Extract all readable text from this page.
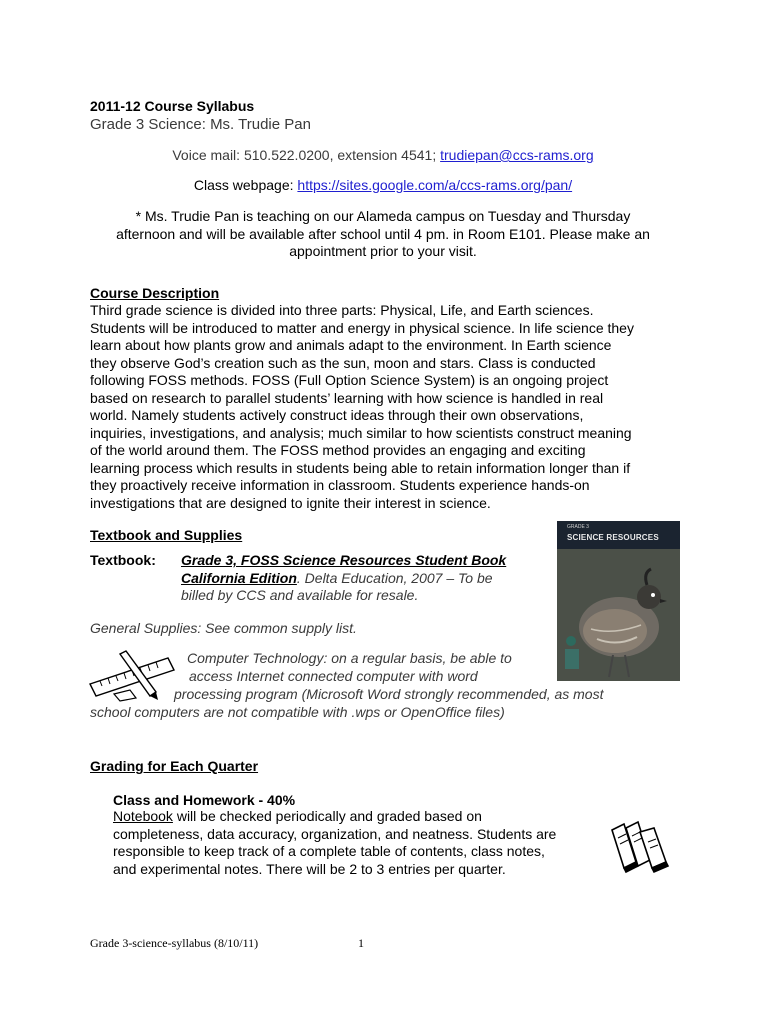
2011-12 Course Syllabus
Grade 3 Science: Ms. Trudie Pan
Voice mail: 510.522.0200, extension 4541; trudiepan@ccs-rams.org
Class webpage: https://sites.google.com/a/ccs-rams.org/pan/
* Ms. Trudie Pan is teaching on our Alameda campus on Tuesday and Thursday
afternoon and will be available after school until 4 pm. in Room E101. Please make an
appointment prior to your visit.
Course Description
Third grade science is divided into three parts: Physical, Life, and Earth sciences.
Students will be introduced to matter and energy in physical science. In life science they
learn about how plants grow and animals adapt to the environment. In Earth science
they observe God’s creation such as the sun, moon and stars. Class is conducted
following FOSS methods. FOSS (Full Option Science System) is an ongoing project
based on research to parallel students’ learning with how science is handled in real
world. Namely students actively construct ideas through their own observations,
inquiries, investigations, and analysis; much similar to how scientists construct meaning
of the world around them. The FOSS method provides an engaging and exciting
learning process which results in students being able to retain information longer than if
they proactively receive information in classroom. Students experience hands-on
investigations that are designed to ignite their interest in science.
Textbook and Supplies
Textbook: Grade 3, FOSS Science Resources Student Book
California Edition. Delta Education, 2007 – To be
billed by CCS and available for resale.
General Supplies: See common supply list.
Computer Technology: on a regular basis, be able to
access Internet connected computer with word
processing program (Microsoft Word strongly recommended, as most
school computers are not compatible with .wps or OpenOffice files)
GRADE 3
SCIENCE RESOURCES
Grading for Each Quarter
Class and Homework - 40%
Notebook will be checked periodically and graded based on
completeness, data accuracy, organization, and neatness. Students are
responsible to keep track of a complete table of contents, class notes,
and experimental notes. There will be 2 to 3 entries per quarter.
Grade 3-science-syllabus (8/10/11)	1
